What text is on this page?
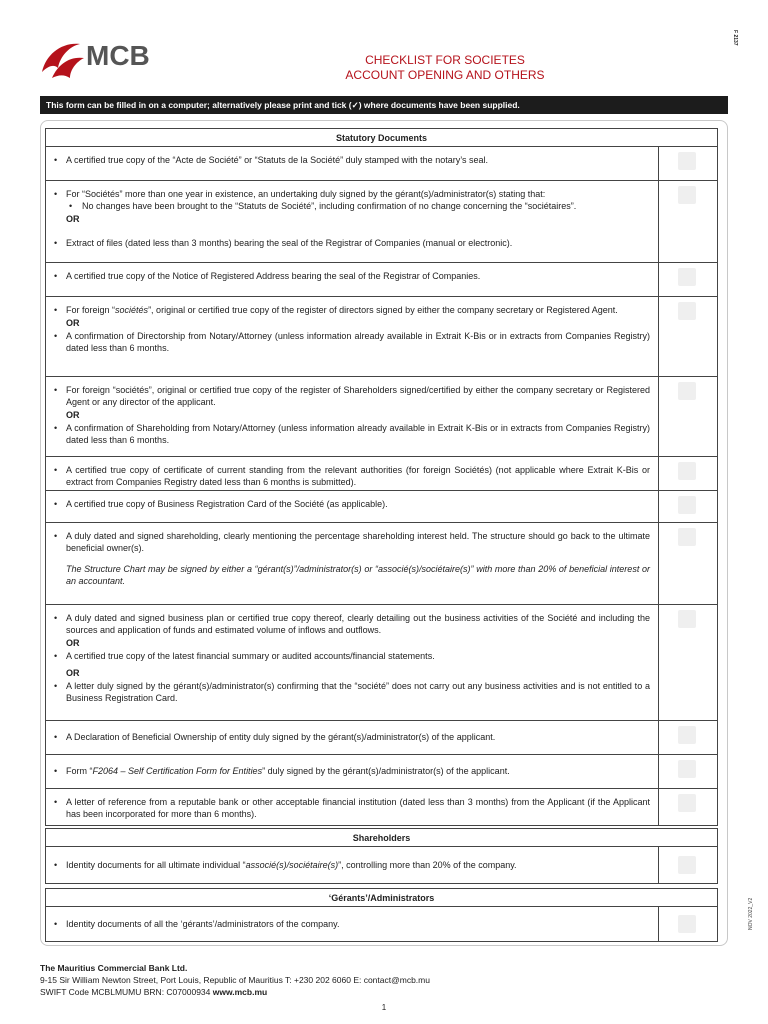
MCB	CHECKLIST FOR SOCIETES
ACCOUNT OPENING AND OTHERS
F 2137
NOV 2022_V2
This form can be filled in on a computer; alternatively please print and tick (✓) where documents have been supplied.
Statutory Documents
• A certified true copy of the “Acte de Société” or “Statuts de la Société” duly stamped with the notary’s seal.
• For “Sociétés” more than one year in existence, an undertaking duly signed by the gérant(s)/administrator(s) stating that:
• No changes have been brought to the “Statuts de Société”, including confirmation of no change concerning the “sociétaires”.
OR
• Extract of files (dated less than 3 months) bearing the seal of the Registrar of Companies (manual or electronic).
• A certified true copy of the Notice of Registered Address bearing the seal of the Registrar of Companies.
• For foreign “sociétés”, original or certified true copy of the register of directors signed by either the company secretary or Registered Agent.
OR
• A confirmation of Directorship from Notary/Attorney (unless information already available in Extrait K-Bis or in extracts from Companies Registry) dated less than 6 months.
• For foreign “sociétés”, original or certified true copy of the register of Shareholders signed/certified by either the company secretary or Registered Agent or any director of the applicant.
OR
• A confirmation of Shareholding from Notary/Attorney (unless information already available in Extrait K-Bis or in extracts from Companies Registry) dated less than 6 months.
• A certified true copy of certificate of current standing from the relevant authorities (for foreign Sociétés) (not applicable where Extrait K-Bis or extract from Companies Registry dated less than 6 months is submitted).
• A certified true copy of Business Registration Card of the Société (as applicable).
• A duly dated and signed shareholding, clearly mentioning the percentage shareholding interest held. The structure should go back to the ultimate beneficial owner(s).
The Structure Chart may be signed by either a “gérant(s)”/administrator(s) or “associé(s)/sociétaire(s)” with more than 20% of beneficial interest or an accountant.
• A duly dated and signed business plan or certified true copy thereof, clearly detailing out the business activities of the Société and including the sources and application of funds and estimated volume of inflows and outflows.
OR
• A certified true copy of the latest financial summary or audited accounts/financial statements.
OR
• A letter duly signed by the gérant(s)/administrator(s) confirming that the “société” does not carry out any business activities and is not entitled to a Business Registration Card.
• A Declaration of Beneficial Ownership of entity duly signed by the gérant(s)/administrator(s) of the applicant.
• Form “F2064 – Self Certification Form for Entities” duly signed by the gérant(s)/administrator(s) of the applicant.
• A letter of reference from a reputable bank or other acceptable financial institution (dated less than 3 months) from the Applicant (if the Applicant has been incorporated for more than 6 months).
Shareholders
• Identity documents for all ultimate individual “associé(s)/sociétaire(s)”, controlling more than 20% of the company.
‘Gérants’/Administrators
• Identity documents of all the ‘gérants’/administrators of the company.
The Mauritius Commercial Bank Ltd.
9-15 Sir William Newton Street, Port Louis, Republic of Mauritius T: +230 202 6060 E: contact@mcb.mu
SWIFT Code MCBLMUMU BRN: C07000934 www.mcb.mu
1
